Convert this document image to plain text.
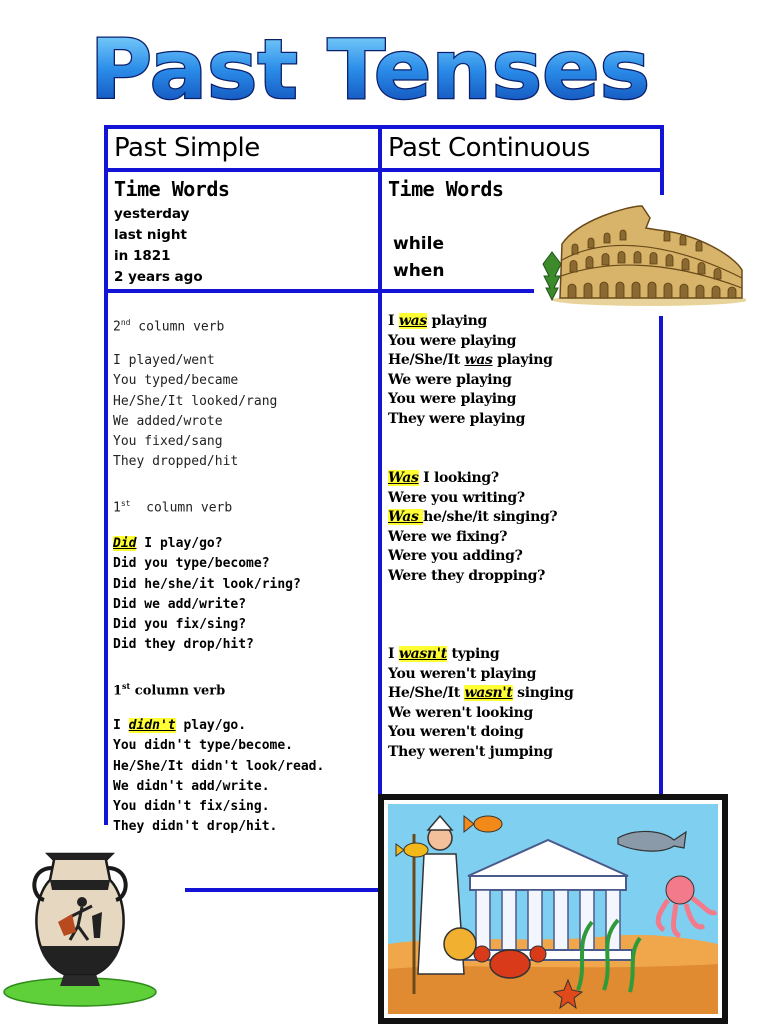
Past Tenses
Past Simple	Past Continuous
Time Words
yesterday
last night
in 1821
2 years ago
Time Words
while
when
2nd column verb
I played/went
You typed/became
He/She/It looked/rang
We added/wrote
You fixed/sang
They dropped/hit
1st  column verb
Did I play/go?
Did you type/become?
Did he/she/it look/ring?
Did we add/write?
Did you fix/sing?
Did they drop/hit?
1st column verb
I didn't play/go.
You didn't type/become.
He/She/It didn't look/read.
We didn't add/write.
You didn't fix/sing.
They didn't drop/hit.
I was playing
You were playing
He/She/It was playing
We were playing
You were playing
They were playing
Was I looking?
Were you writing?
Was he/she/it singing?
Were we fixing?
Were you adding?
Were they dropping?
I wasn't typing
You weren't playing
He/She/It wasn't singing
We weren't looking
You weren't doing
They weren't jumping
